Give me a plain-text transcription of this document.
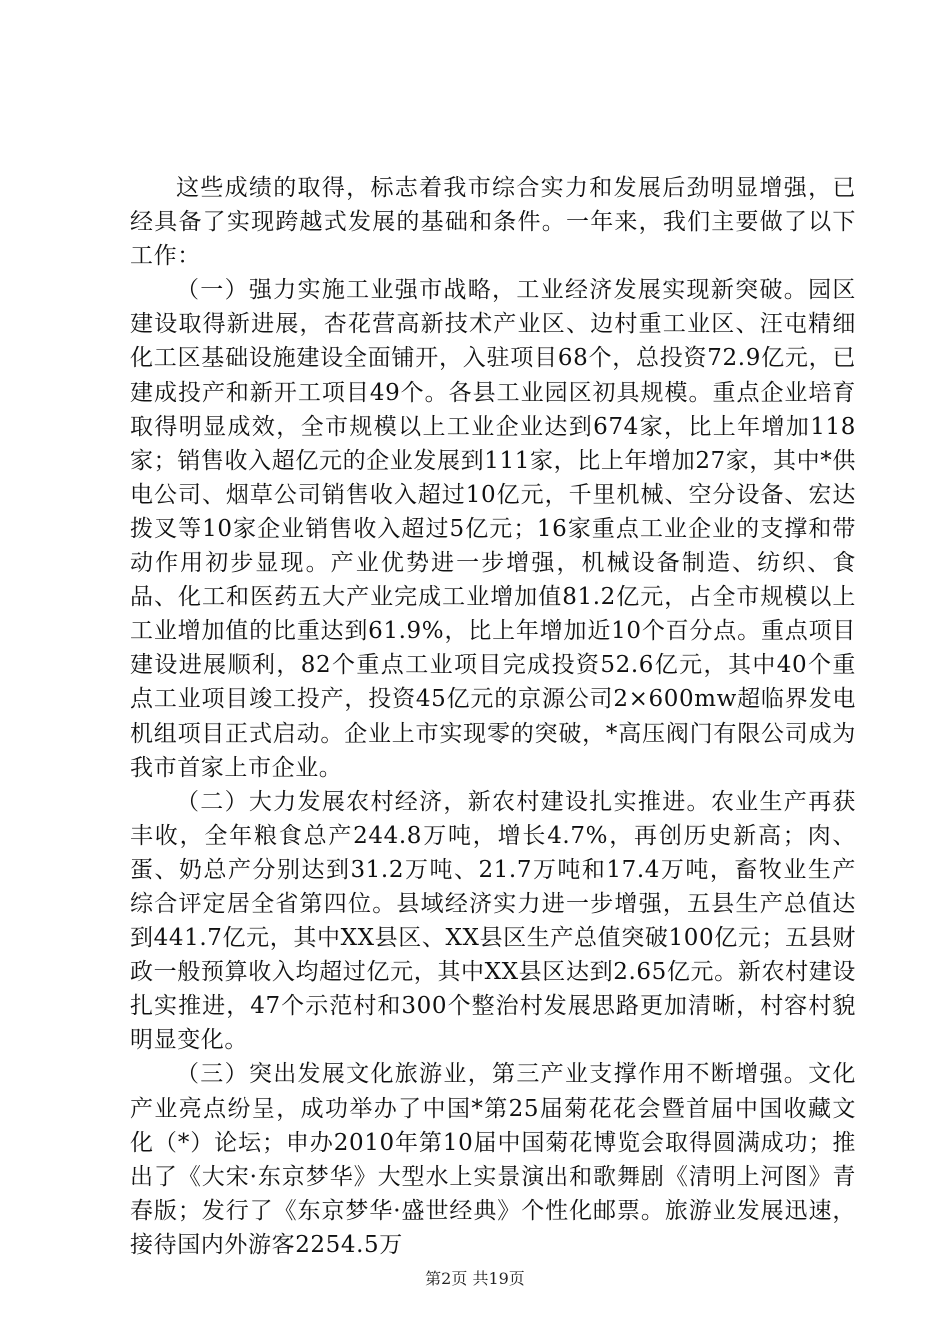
这些成绩的取得，标志着我市综合实力和发展后劲明显增强，已经具备了实现跨越式发展的基础和条件。一年来，我们主要做了以下工作：

（一）强力实施工业强市战略，工业经济发展实现新突破。园区建设取得新进展，杏花营高新技术产业区、边村重工业区、汪屯精细化工区基础设施建设全面铺开，入驻项目68个，总投资72.9亿元，已建成投产和新开工项目49个。各县工业园区初具规模。重点企业培育取得明显成效，全市规模以上工业企业达到674家，比上年增加118家；销售收入超亿元的企业发展到111家，比上年增加27家，其中*供电公司、烟草公司销售收入超过10亿元，千里机械、空分设备、宏达拨叉等10家企业销售收入超过5亿元；16家重点工业企业的支撑和带动作用初步显现。产业优势进一步增强，机械设备制造、纺织、食品、化工和医药五大产业完成工业增加值81.2亿元，占全市规模以上工业增加值的比重达到61.9%，比上年增加近10个百分点。重点项目建设进展顺利，82个重点工业项目完成投资52.6亿元，其中40个重点工业项目竣工投产，投资45亿元的京源公司2×600mw超临界发电机组项目正式启动。企业上市实现零的突破，*高压阀门有限公司成为我市首家上市企业。

（二）大力发展农村经济，新农村建设扎实推进。农业生产再获丰收，全年粮食总产244.8万吨，增长4.7%，再创历史新高；肉、蛋、奶总产分别达到31.2万吨、21.7万吨和17.4万吨，畜牧业生产综合评定居全省第四位。县域经济实力进一步增强，五县生产总值达到441.7亿元，其中XX县区、XX县区生产总值突破100亿元；五县财政一般预算收入均超过亿元，其中XX县区达到2.65亿元。新农村建设扎实推进，47个示范村和300个整治村发展思路更加清晰，村容村貌明显变化。

（三）突出发展文化旅游业，第三产业支撑作用不断增强。文化产业亮点纷呈，成功举办了中国*第25届菊花花会暨首届中国收藏文化（*）论坛；申办2010年第10届中国菊花博览会取得圆满成功；推出了《大宋·东京梦华》大型水上实景演出和歌舞剧《清明上河图》青春版；发行了《东京梦华·盛世经典》个性化邮票。旅游业发展迅速，接待国内外游客2254.5万

第2页 共19页
